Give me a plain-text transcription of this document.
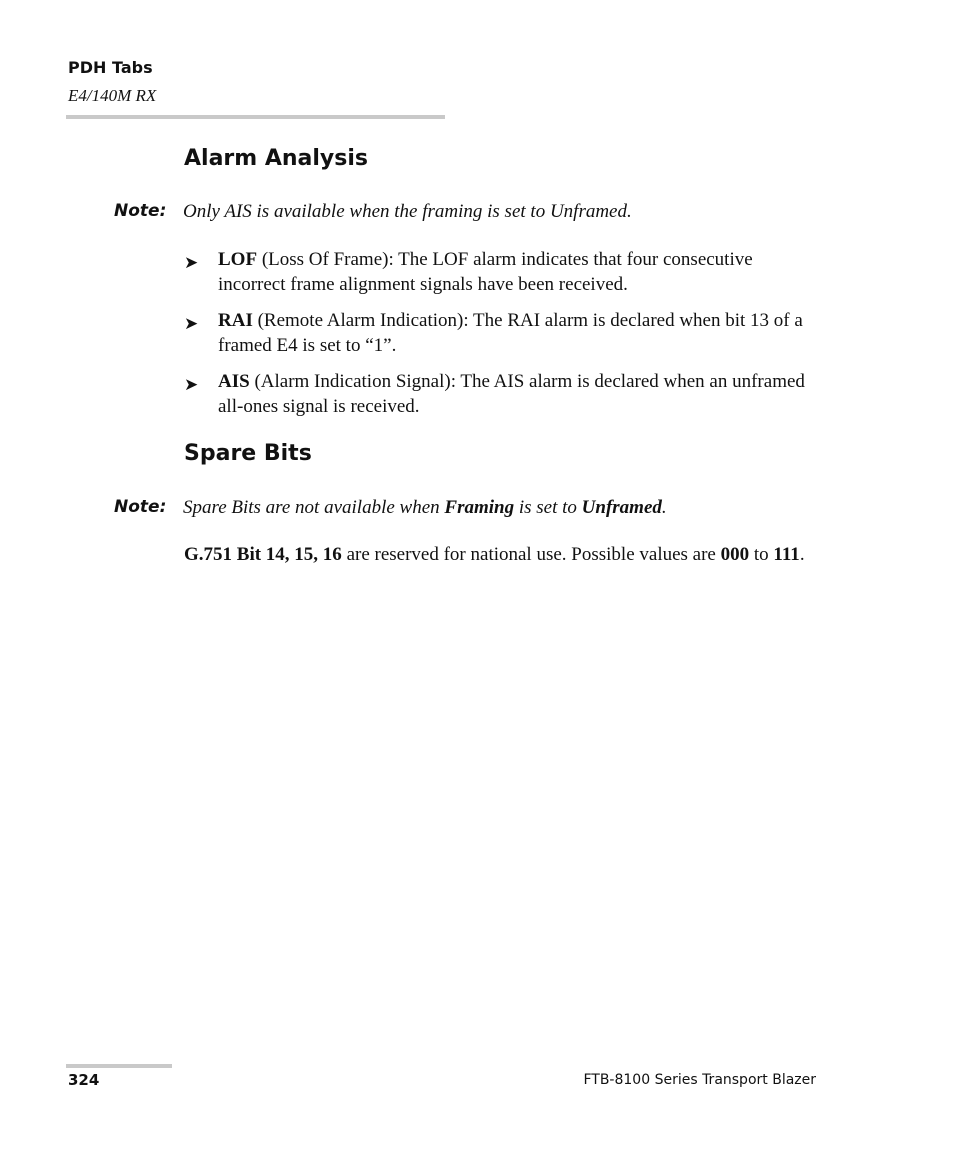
PDH Tabs
E4/140M RX
Alarm Analysis
Note: Only AIS is available when the framing is set to Unframed.
➤ LOF (Loss Of Frame): The LOF alarm indicates that four consecutive incorrect frame alignment signals have been received.
➤ RAI (Remote Alarm Indication): The RAI alarm is declared when bit 13 of a framed E4 is set to “1”.
➤ AIS (Alarm Indication Signal): The AIS alarm is declared when an unframed all-ones signal is received.
Spare Bits
Note: Spare Bits are not available when Framing is set to Unframed.
G.751 Bit 14, 15, 16 are reserved for national use. Possible values are 000 to 111.
324	FTB-8100 Series Transport Blazer
